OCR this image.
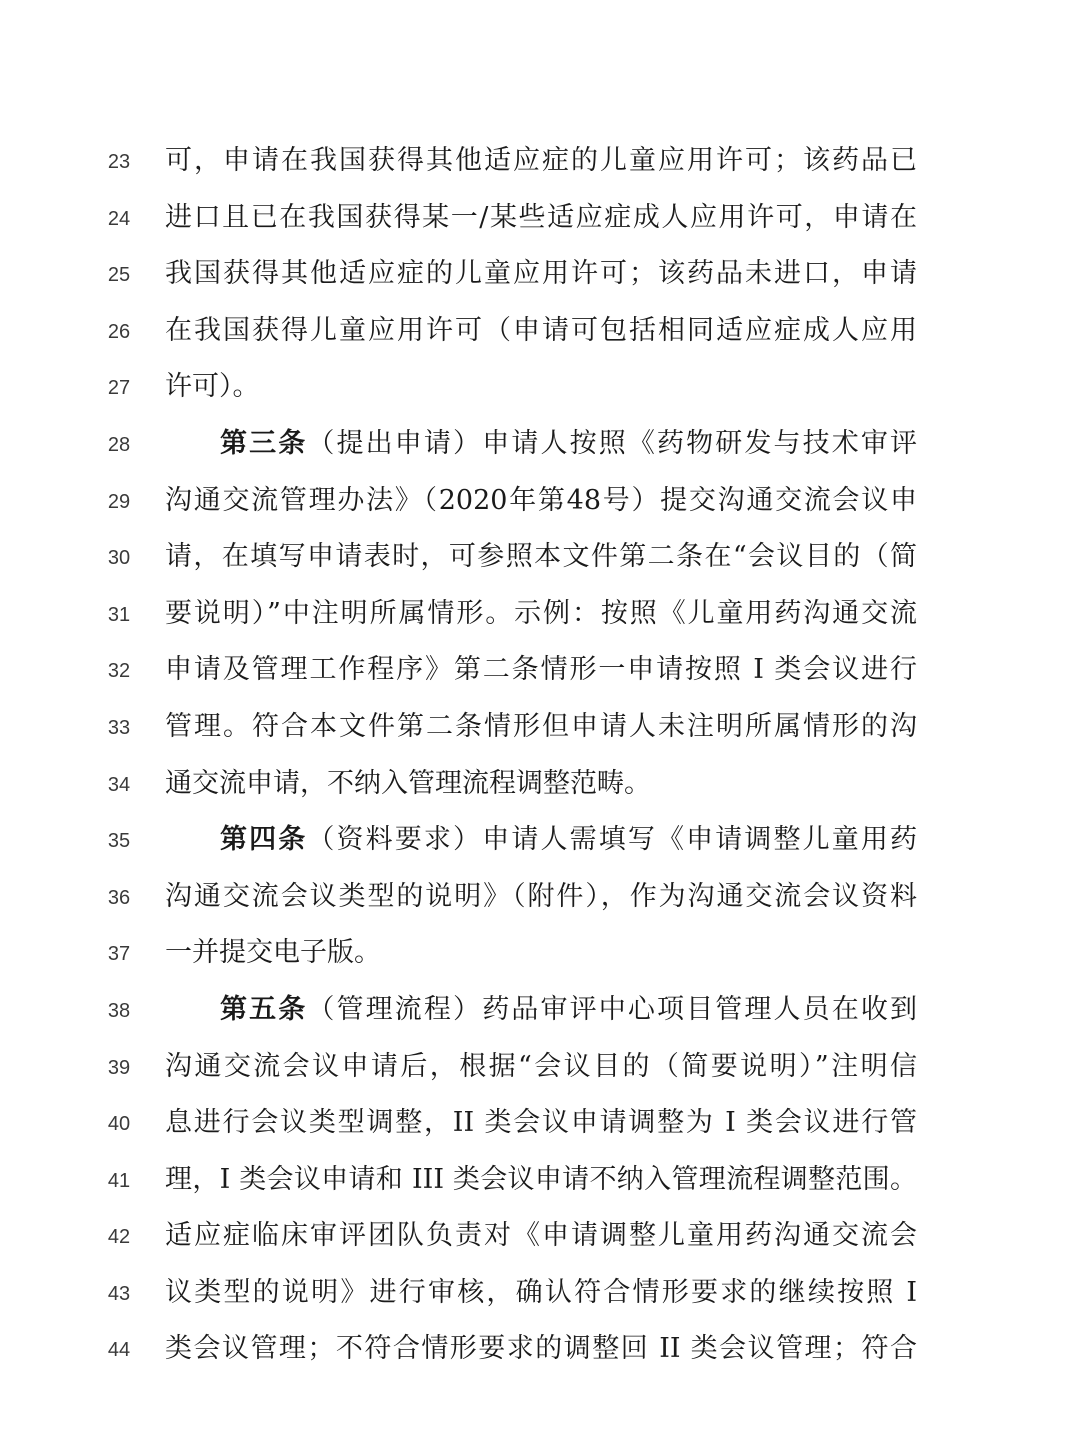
23	可，申请在我国获得其他适应症的儿童应用许可；该药品已
24	进口且已在我国获得某一/某些适应症成人应用许可，申请在
25	我国获得其他适应症的儿童应用许可；该药品未进口，申请
26	在我国获得儿童应用许可（申请可包括相同适应症成人应用
27	许可）。
28	第三条（提出申请）申请人按照《药物研发与技术审评
29	沟通交流管理办法》（2020年第48号）提交沟通交流会议申
30	请，在填写申请表时，可参照本文件第二条在“会议目的（简
31	要说明）”中注明所属情形。示例：按照《儿童用药沟通交流
32	申请及管理工作程序》第二条情形一申请按照 I 类会议进行
33	管理。符合本文件第二条情形但申请人未注明所属情形的沟
34	通交流申请，不纳入管理流程调整范畴。
35	第四条（资料要求）申请人需填写《申请调整儿童用药
36	沟通交流会议类型的说明》（附件），作为沟通交流会议资料
37	一并提交电子版。
38	第五条（管理流程）药品审评中心项目管理人员在收到
39	沟通交流会议申请后，根据“会议目的（简要说明）”注明信
40	息进行会议类型调整，II 类会议申请调整为 I 类会议进行管
41	理，I 类会议申请和 III 类会议申请不纳入管理流程调整范围。
42	适应症临床审评团队负责对《申请调整儿童用药沟通交流会
43	议类型的说明》进行审核，确认符合情形要求的继续按照 I
44	类会议管理；不符合情形要求的调整回 II 类会议管理；符合
